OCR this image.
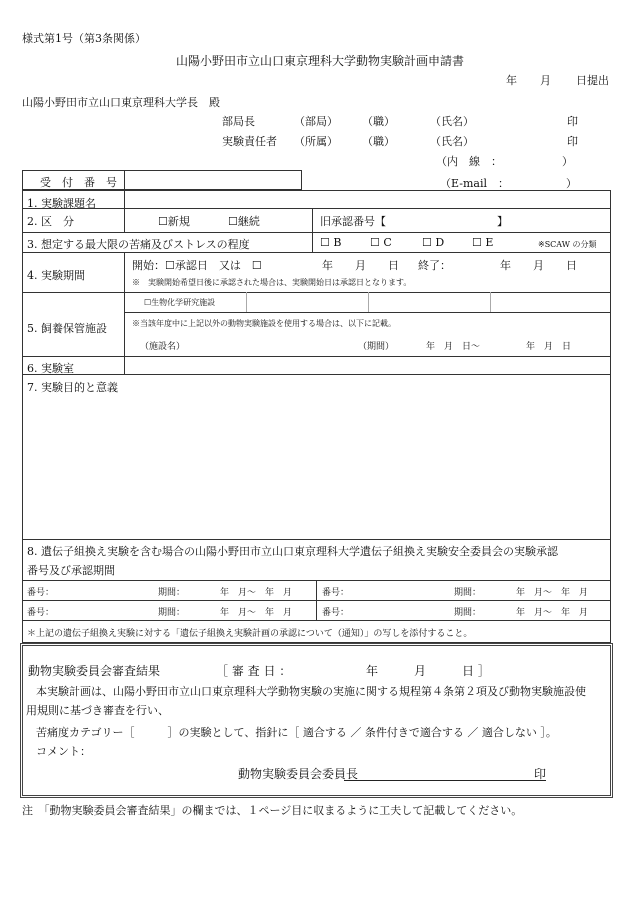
様式第1号（第3条関係）
山陽小野田市立山口東京理科大学動物実験計画申請書
年 月 日提出
山陽小野田市立山口東京理科大学長　殿
部局長	（部局） （職）	（氏名）	印
実験責任者 （所属） （職）	（氏名）	印
（内　線　：	）
（E-mail　：	）
受　付　番　号
1. 実験課題名
2. 区　分	☐新規	☐継続	旧承認番号【	】
3. 想定する最大限の苦痛及びストレスの程度	☐ B	☐ C	☐ D	☐ E	※SCAW の分類
4. 実験期間
開始：☐承認日　又は　☐	年　　月　　日 終了：	年　　月　　日
※　実験開始希望日後に承認された場合は、実験開始日は承認日となります。
5. 飼養保管施設
☐生物化学研究施設
※当該年度中に上記以外の動物実験施設を使用する場合は、以下に記載。
（施設名）	（期間）	年　月　日～	年　月　日
6. 実験室
7. 実験目的と意義
8. 遺伝子組換え実験を含む場合の山陽小野田市立山口東京理科大学遺伝子組換え実験安全委員会の実験承認
番号及び承認期間
番号：	期間：	年　月～　年　月	番号：	期間：	年　月～　年　月
番号：	期間：	年　月～　年　月	番号：	期間：	年　月～　年　月
＊上記の遺伝子組換え実験に対する「遺伝子組換え実験計画の承認について（通知）」の写しを添付すること。
動物実験委員会審査結果	［ 審 査 日 ：	年　　　月　　　日 ］
本実験計画は、山陽小野田市立山口東京理科大学動物実験の実施に関する規程第４条第２項及び動物実験施設使
用規則に基づき審査を行い、
苦痛度カテゴリー［　　　］の実験として、指針に［ 適合する ／ 条件付きで適合する ／ 適合しない ］。
コメント：
動物実験委員会委員長	印
注　「動物実験委員会審査結果」の欄までは、１ページ目に収まるように工夫して記載してください。
